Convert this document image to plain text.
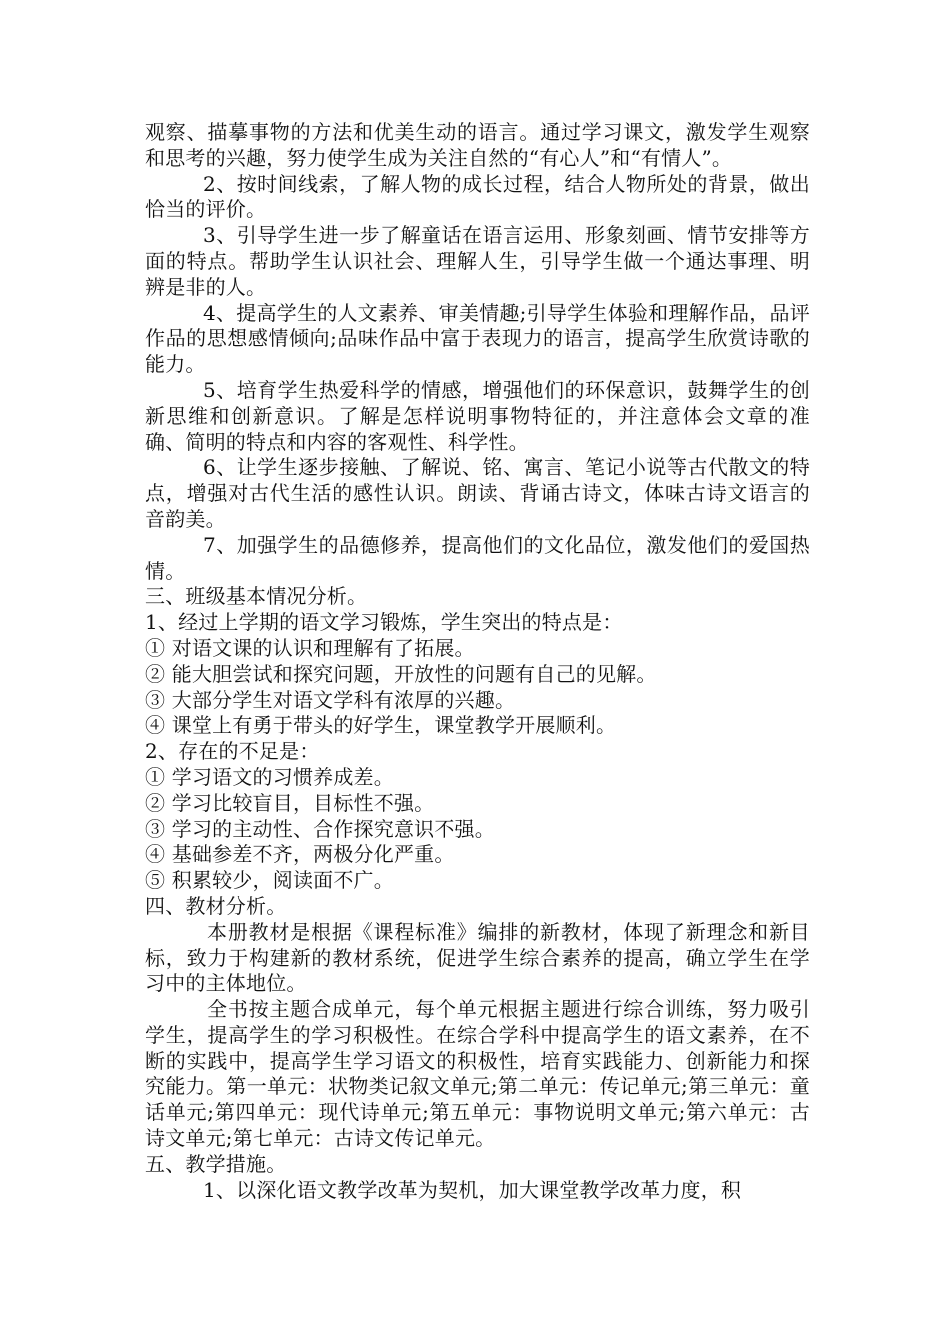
观察、描摹事物的方法和优美生动的语言。通过学习课文，激发学生观察和思考的兴趣，努力使学生成为关注自然的“有心人”和“有情人”。

2、按时间线索，了解人物的成长过程，结合人物所处的背景，做出恰当的评价。

3、引导学生进一步了解童话在语言运用、形象刻画、情节安排等方面的特点。帮助学生认识社会、理解人生，引导学生做一个通达事理、明辨是非的人。

4、提高学生的人文素养、审美情趣;引导学生体验和理解作品，品评作品的思想感情倾向;品味作品中富于表现力的语言，提高学生欣赏诗歌的能力。

5、培育学生热爱科学的情感，增强他们的环保意识，鼓舞学生的创新思维和创新意识。了解是怎样说明事物特征的，并注意体会文章的准确、简明的特点和内容的客观性、科学性。

6、让学生逐步接触、了解说、铭、寓言、笔记小说等古代散文的特点，增强对古代生活的感性认识。朗读、背诵古诗文，体味古诗文语言的音韵美。

7、加强学生的品德修养，提高他们的文化品位，激发他们的爱国热情。

三、班级基本情况分析。

1、经过上学期的语文学习锻炼，学生突出的特点是：

① 对语文课的认识和理解有了拓展。

② 能大胆尝试和探究问题，开放性的问题有自己的见解。

③ 大部分学生对语文学科有浓厚的兴趣。

④ 课堂上有勇于带头的好学生，课堂教学开展顺利。

2、存在的不足是：

① 学习语文的习惯养成差。

② 学习比较盲目，目标性不强。

③ 学习的主动性、合作探究意识不强。

④ 基础参差不齐，两极分化严重。

⑤ 积累较少，阅读面不广。

四、教材分析。

本册教材是根据《课程标准》编排的新教材，体现了新理念和新目标，致力于构建新的教材系统，促进学生综合素养的提高，确立学生在学习中的主体地位。

全书按主题合成单元，每个单元根据主题进行综合训练，努力吸引学生，提高学生的学习积极性。在综合学科中提高学生的语文素养，在不断的实践中，提高学生学习语文的积极性，培育实践能力、创新能力和探究能力。第一单元：状物类记叙文单元;第二单元：传记单元;第三单元：童话单元;第四单元：现代诗单元;第五单元：事物说明文单元;第六单元：古诗文单元;第七单元：古诗文传记单元。

五、教学措施。

1、以深化语文教学改革为契机，加大课堂教学改革力度，积
